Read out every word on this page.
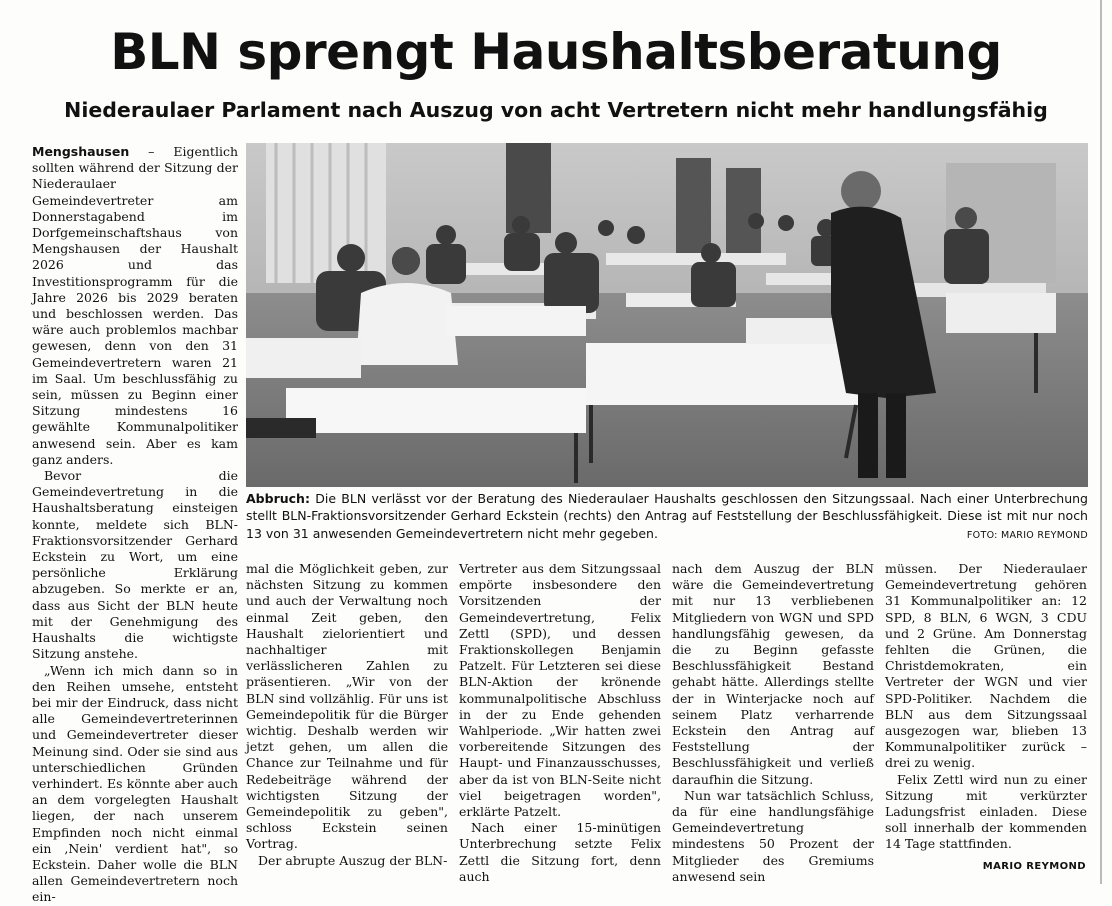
BLN sprengt Haushaltsberatung
Niederaulaer Parlament nach Auszug von acht Vertretern nicht mehr handlungsfähig

Mengshausen – Eigentlich sollten während der Sitzung der Niederaulaer Gemeindevertreter am Donnerstagabend im Dorfgemeinschaftshaus von Mengshausen der Haushalt 2026 und das Investitionsprogramm für die Jahre 2026 bis 2029 beraten und beschlossen werden. Das wäre auch problemlos machbar gewesen, denn von den 31 Gemeindevertretern waren 21 im Saal. Um beschlussfähig zu sein, müssen zu Beginn einer Sitzung mindestens 16 gewählte Kommunalpolitiker anwesend sein. Aber es kam ganz anders.

Bevor die Gemeindevertretung in die Haushaltsberatung einsteigen konnte, meldete sich BLN-Fraktionsvorsitzender Gerhard Eckstein zu Wort, um eine persönliche Erklärung abzugeben. So merkte er an, dass aus Sicht der BLN heute mit der Genehmigung des Haushalts die wichtigste Sitzung anstehe.

„Wenn ich mich dann so in den Reihen umsehe, entsteht bei mir der Eindruck, dass nicht alle Gemeindevertreterinnen und Gemeindevertreter dieser Meinung sind. Oder sie sind aus unterschiedlichen Gründen verhindert. Es könnte aber auch an dem vorgelegten Haushalt liegen, der nach unserem Empfinden noch nicht einmal ein ,Nein' verdient hat", so Eckstein. Daher wolle die BLN allen Gemeindevertretern noch ein-

Abbruch: Die BLN verlässt vor der Beratung des Niederaulaer Haushalts geschlossen den Sitzungssaal. Nach einer Unterbrechung stellt BLN-Fraktionsvorsitzender Gerhard Eckstein (rechts) den Antrag auf Feststellung der Beschlussfähigkeit. Diese ist mit nur noch 13 von 31 anwesenden Gemeindevertretern nicht mehr gegeben.	FOTO: MARIO REYMOND

mal die Möglichkeit geben, zur nächsten Sitzung zu kommen und auch der Verwaltung noch einmal Zeit geben, den Haushalt zielorientiert und nachhaltiger mit verlässlicheren Zahlen zu präsentieren. „Wir von der BLN sind vollzählig. Für uns ist Gemeindepolitik für die Bürger wichtig. Deshalb werden wir jetzt gehen, um allen die Chance zur Teilnahme und für Redebeiträge während der wichtigsten Sitzung der Gemeindepolitik zu geben", schloss Eckstein seinen Vortrag.

Der abrupte Auszug der BLN-

Vertreter aus dem Sitzungssaal empörte insbesondere den Vorsitzenden der Gemeindevertretung, Felix Zettl (SPD), und dessen Fraktionskollegen Benjamin Patzelt. Für Letzteren sei diese BLN-Aktion der krönende kommunalpolitische Abschluss in der zu Ende gehenden Wahlperiode. „Wir hatten zwei vorbereitende Sitzungen des Haupt- und Finanzausschusses, aber da ist von BLN-Seite nicht viel beigetragen worden", erklärte Patzelt.

Nach einer 15-minütigen Unterbrechung setzte Felix Zettl die Sitzung fort, denn auch

nach dem Auszug der BLN wäre die Gemeindevertretung mit nur 13 verbliebenen Mitgliedern von WGN und SPD handlungsfähig gewesen, da die zu Beginn gefasste Beschlussfähigkeit Bestand gehabt hätte. Allerdings stellte der in Winterjacke noch auf seinem Platz verharrende Eckstein den Antrag auf Feststellung der Beschlussfähigkeit und verließ daraufhin die Sitzung.

Nun war tatsächlich Schluss, da für eine handlungsfähige Gemeindevertretung mindestens 50 Prozent der Mitglieder des Gremiums anwesend sein

müssen. Der Niederaulaer Gemeindevertretung gehören 31 Kommunalpolitiker an: 12 SPD, 8 BLN, 6 WGN, 3 CDU und 2 Grüne. Am Donnerstag fehlten die Grünen, die Christdemokraten, ein Vertreter der WGN und vier SPD-Politiker. Nachdem die BLN aus dem Sitzungssaal ausgezogen war, blieben 13 Kommunalpolitiker zurück – drei zu wenig.

Felix Zettl wird nun zu einer Sitzung mit verkürzter Ladungsfrist einladen. Diese soll innerhalb der kommenden 14 Tage stattfinden.

MARIO REYMOND
